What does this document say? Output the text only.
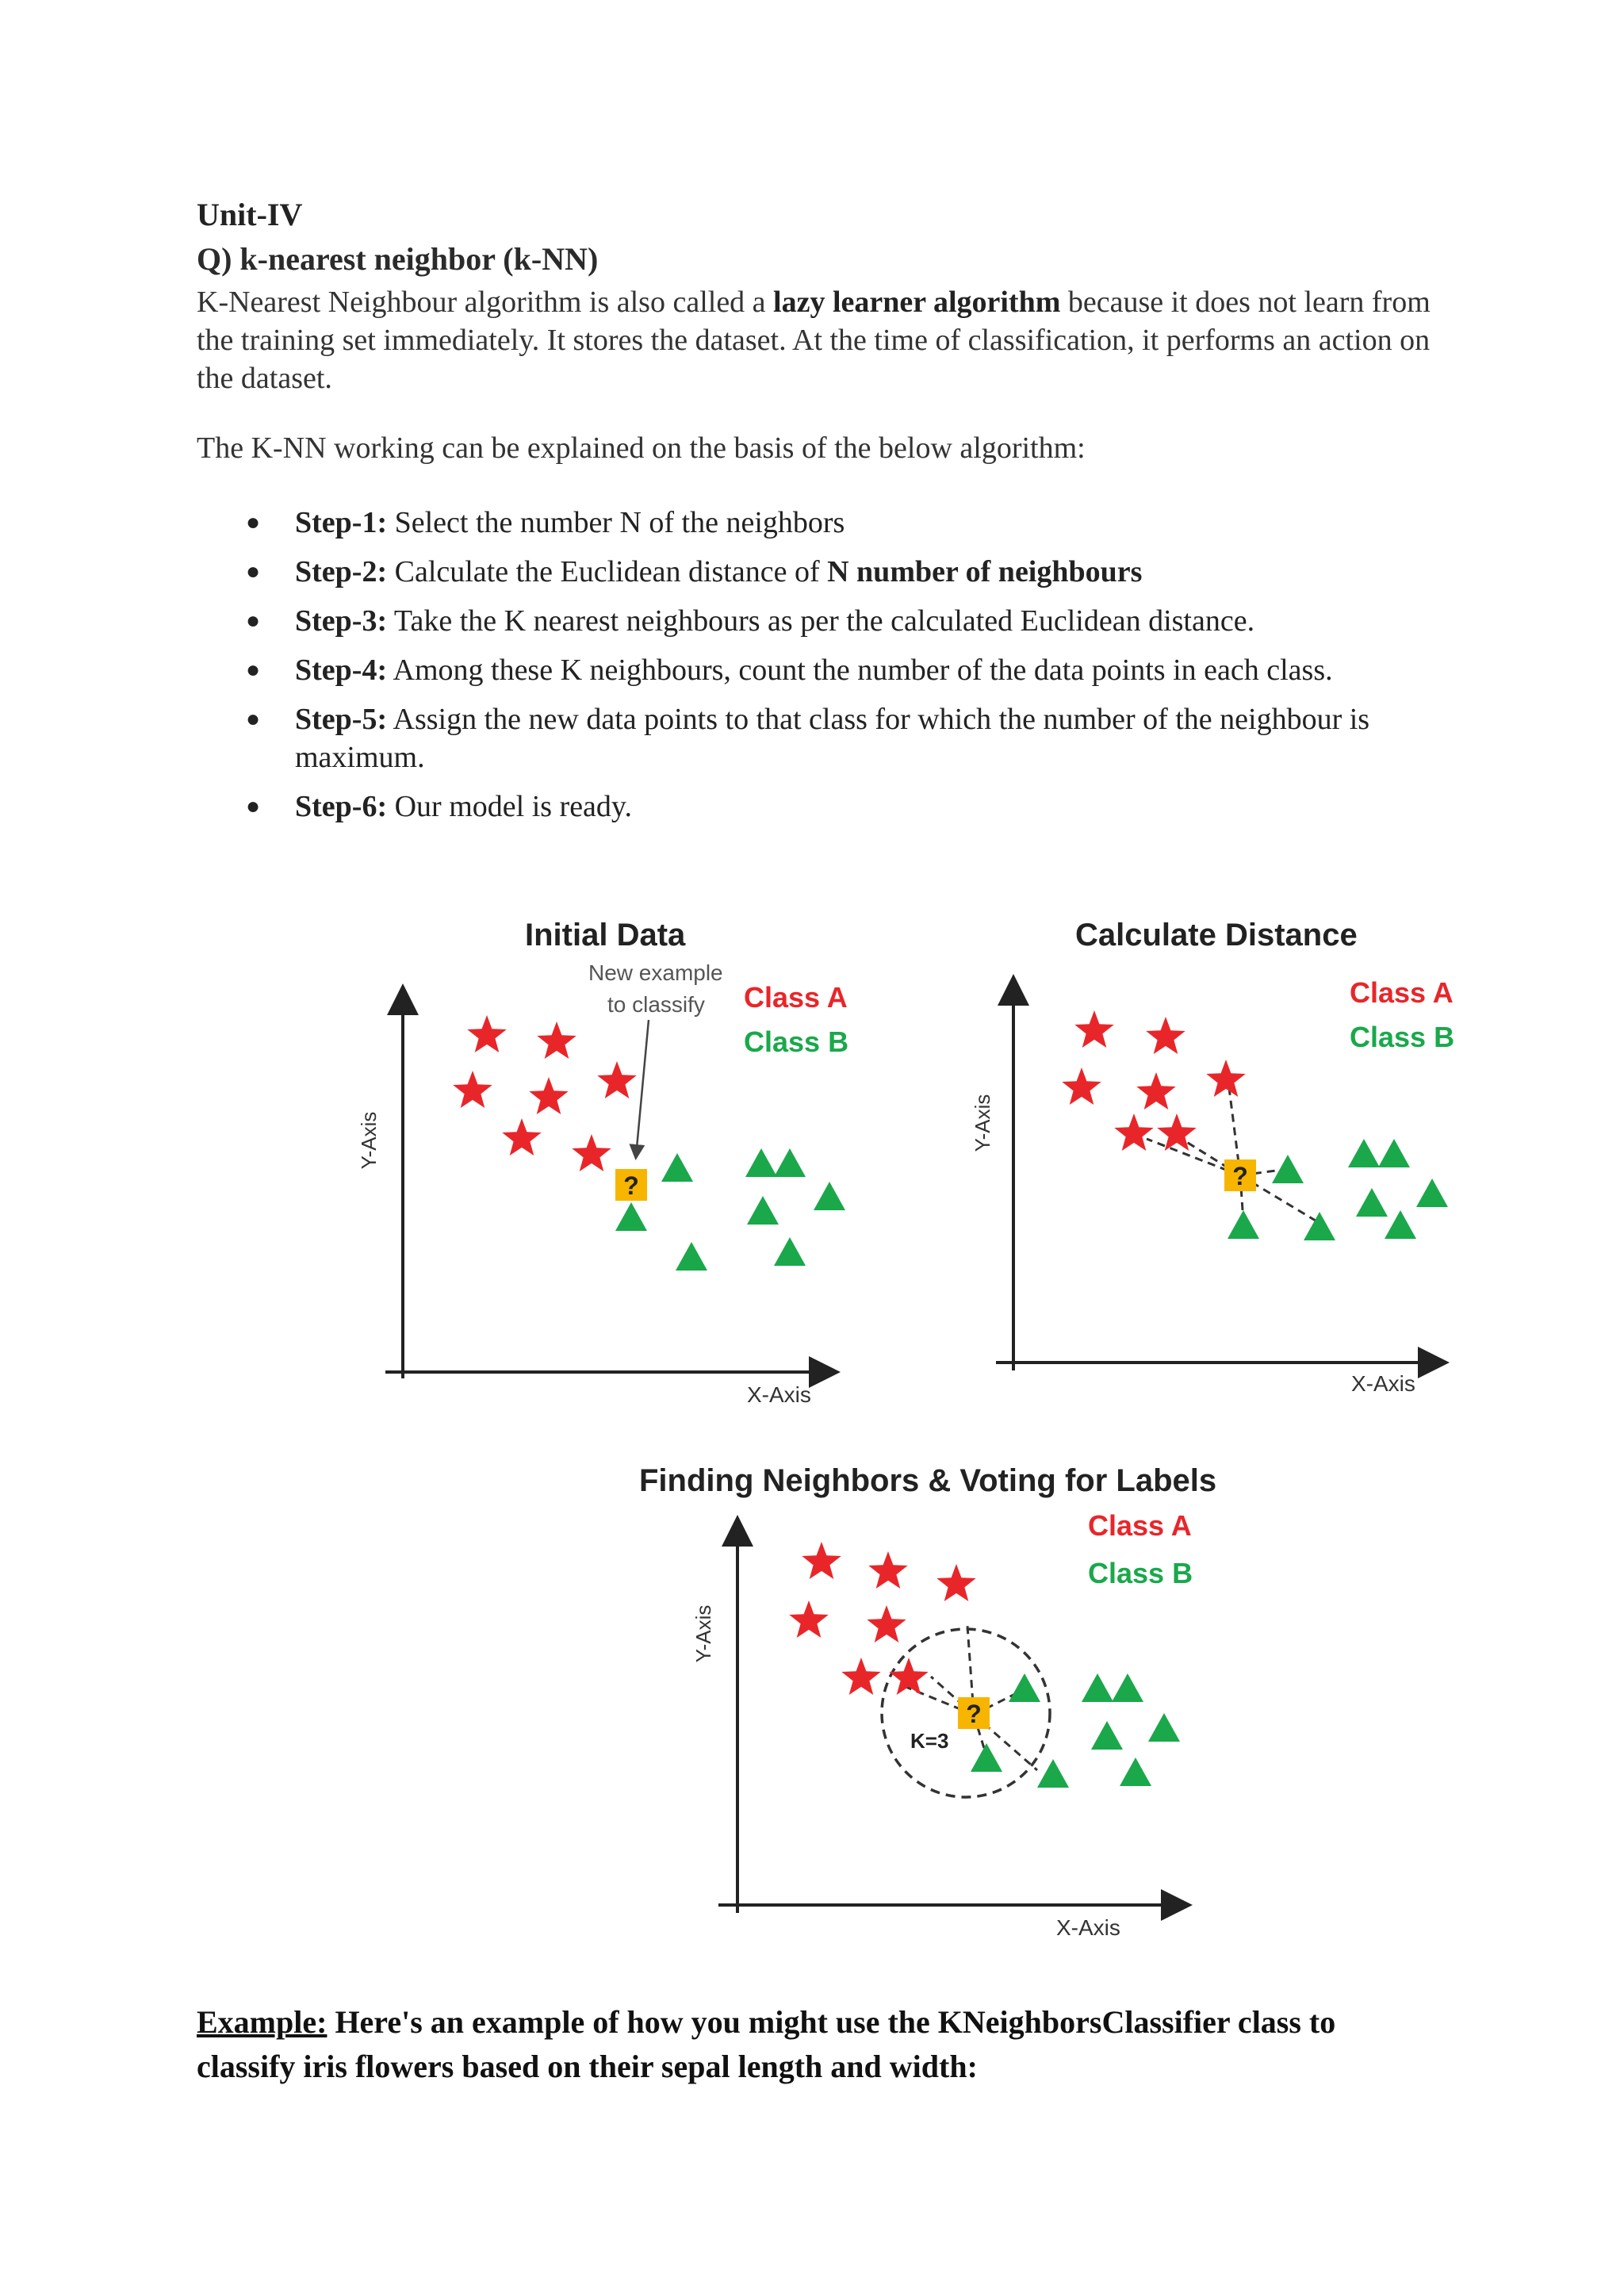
Unit-IV

Q) k-nearest neighbor (k-NN)

K-Nearest Neighbour algorithm is also called a lazy learner algorithm because it does not learn from the training set immediately. It stores the dataset. At the time of classification, it performs an action on the dataset.

The K-NN working can be explained on the basis of the below algorithm:

● Step-1: Select the number N of the neighbors
● Step-2: Calculate the Euclidean distance of N number of neighbours
● Step-3: Take the K nearest neighbours as per the calculated Euclidean distance.
● Step-4: Among these K neighbours, count the number of the data points in each class.
● Step-5: Assign the new data points to that class for which the number of the neighbour is maximum.
● Step-6: Our model is ready.
Initial Data
Y-Axis
X-Axis
New example
to classify Class A
Class B
?
Calculate Distance
Y-Axis
X-Axis
Class A
Class B
?
Finding Neighbors & Voting for Labels
Y-Axis
X-Axis
Class A
Class B
K=3
?
Example: Here's an example of how you might use the KNeighborsClassifier class to classify iris flowers based on their sepal length and width:
